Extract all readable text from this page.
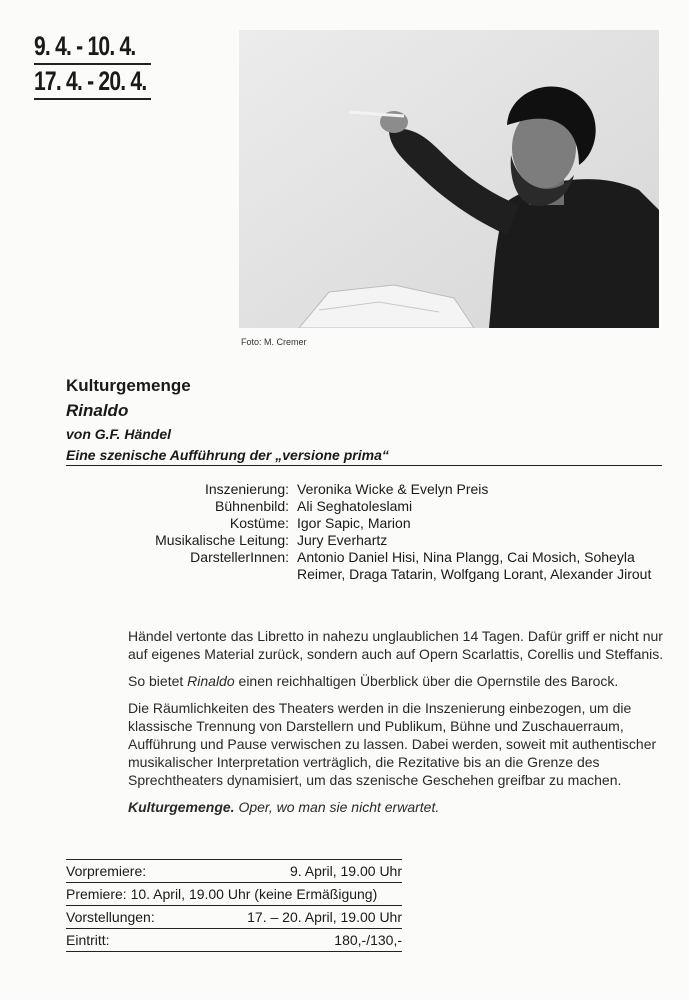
9. 4. - 10. 4.
17. 4. - 20. 4.
Foto: M. Cremer
Kulturgemenge
Rinaldo
von G.F. Händel
Eine szenische Aufführung der „versione prima“
Inszenierung: Veronika Wicke & Evelyn Preis
Bühnenbild: Ali Seghatoleslami
Kostüme: Igor Sapic, Marion
Musikalische Leitung: Jury Everhartz
DarstellerInnen: Antonio Daniel Hisi, Nina Plangg, Cai Mosich, Soheyla Reimer, Draga Tatarin, Wolfgang Lorant, Alexander Jirout

Händel vertonte das Libretto in nahezu unglaublichen 14 Tagen. Dafür griff er nicht nur auf eigenes Material zurück, sondern auch auf Opern Scarlattis, Corellis und Steffanis.

So bietet Rinaldo einen reichhaltigen Überblick über die Opernstile des Barock.

Die Räumlichkeiten des Theaters werden in die Inszenierung einbezogen, um die klassische Trennung von Darstellern und Publikum, Bühne und Zuschauerraum, Aufführung und Pause verwischen zu lassen. Dabei werden, soweit mit authentischer musikalischer Interpretation verträglich, die Rezitative bis an die Grenze des Sprechtheaters dynamisiert, um das szenische Geschehen greifbar zu machen.

Kulturgemenge. Oper, wo man sie nicht erwartet.

Vorpremiere:	9. April, 19.00 Uhr
Premiere: 10. April, 19.00 Uhr (keine Ermäßigung)
Vorstellungen:	17. – 20. April, 19.00 Uhr
Eintritt:	180,-/130,-
